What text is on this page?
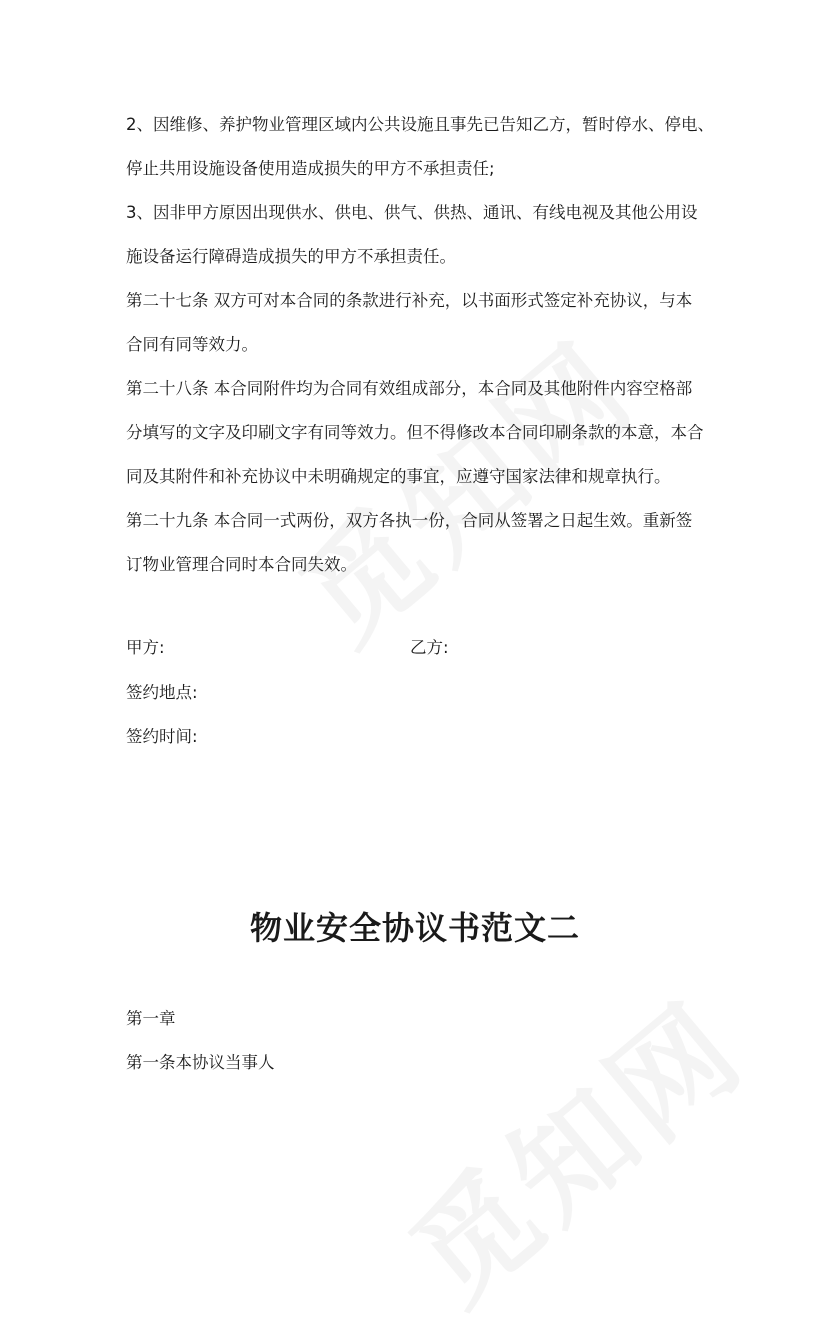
2、因维修、养护物业管理区域内公共设施且事先已告知乙方，暂时停水、停电、
停止共用设施设备使用造成损失的甲方不承担责任;
3、因非甲方原因出现供水、供电、供气、供热、通讯、有线电视及其他公用设
施设备运行障碍造成损失的甲方不承担责任。
第二十七条 双方可对本合同的条款进行补充，以书面形式签定补充协议，与本
合同有同等效力。
第二十八条 本合同附件均为合同有效组成部分，本合同及其他附件内容空格部
分填写的文字及印刷文字有同等效力。但不得修改本合同印刷条款的本意，本合
同及其附件和补充协议中未明确规定的事宜，应遵守国家法律和规章执行。
第二十九条 本合同一式两份，双方各执一份，合同从签署之日起生效。重新签
订物业管理合同时本合同失效。
甲方:	乙方:
签约地点:
签约时间:
物业安全协议书范文二
第一章
第一条本协议当事人
